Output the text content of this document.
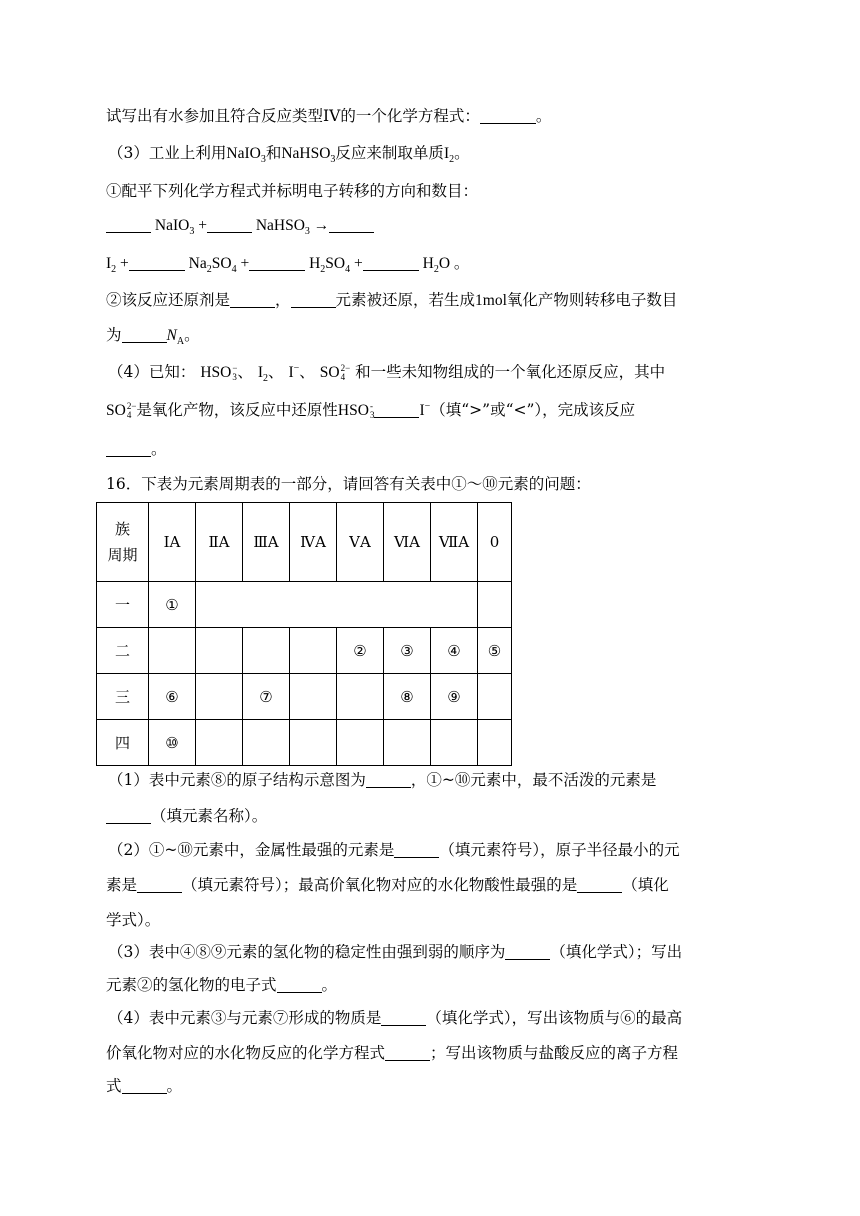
试写出有水参加且符合反应类型IV的一个化学方程式：	。
（3）工业上利用NaIO$_3$和NaHSO$_3$反应来制取单质$I_2$。
①配平下列化学方程式并标明电子转移的方向和数目：
NaIO$_3$ +	NaHSO$_3$ →
$I_2$ +	$Na_2SO_4$ +	$H_2SO_4$ +	$H_2O$ 。
②该反应还原剂是	，	元素被还原，若生成1mol氧化产物则转移电子数目
为	$N_A$。
（4）已知： HSO −
3 、 $I_2$、 I−、 SO 2−
4 和一些未知物组成的一个氧化还原反应，其中
SO 2−
4 是氧化产物，该反应中还原性HSO -
3	I−（填“>”或“<”），完成该反应
。
16．下表为元素周期表的一部分，请回答有关表中①～⑩元素的问题：
族
周期	ⅠA	ⅡA	ⅢA	ⅣA	ⅤA	ⅥA	ⅦA	0
一	①							
二					②	③	④	⑤
三	⑥		⑦			⑧	⑨	
四	⑩							
（1）表中元素⑧的原子结构示意图为	，①~⑩元素中，最不活泼的元素是
（填元素名称）。
（2）①~⑩元素中，金属性最强的元素是	（填元素符号），原子半径最小的元
素是	（填元素符号）；最高价氧化物对应的水化物酸性最强的是	（填化
学式）。
（3）表中④⑧⑨元素的氢化物的稳定性由强到弱的顺序为	（填化学式）；写出
元素②的氢化物的电子式	。
（4）表中元素③与元素⑦形成的物质是	（填化学式），写出该物质与⑥的最高
价氧化物对应的水化物反应的化学方程式	；写出该物质与盐酸反应的离子方程
式	。
